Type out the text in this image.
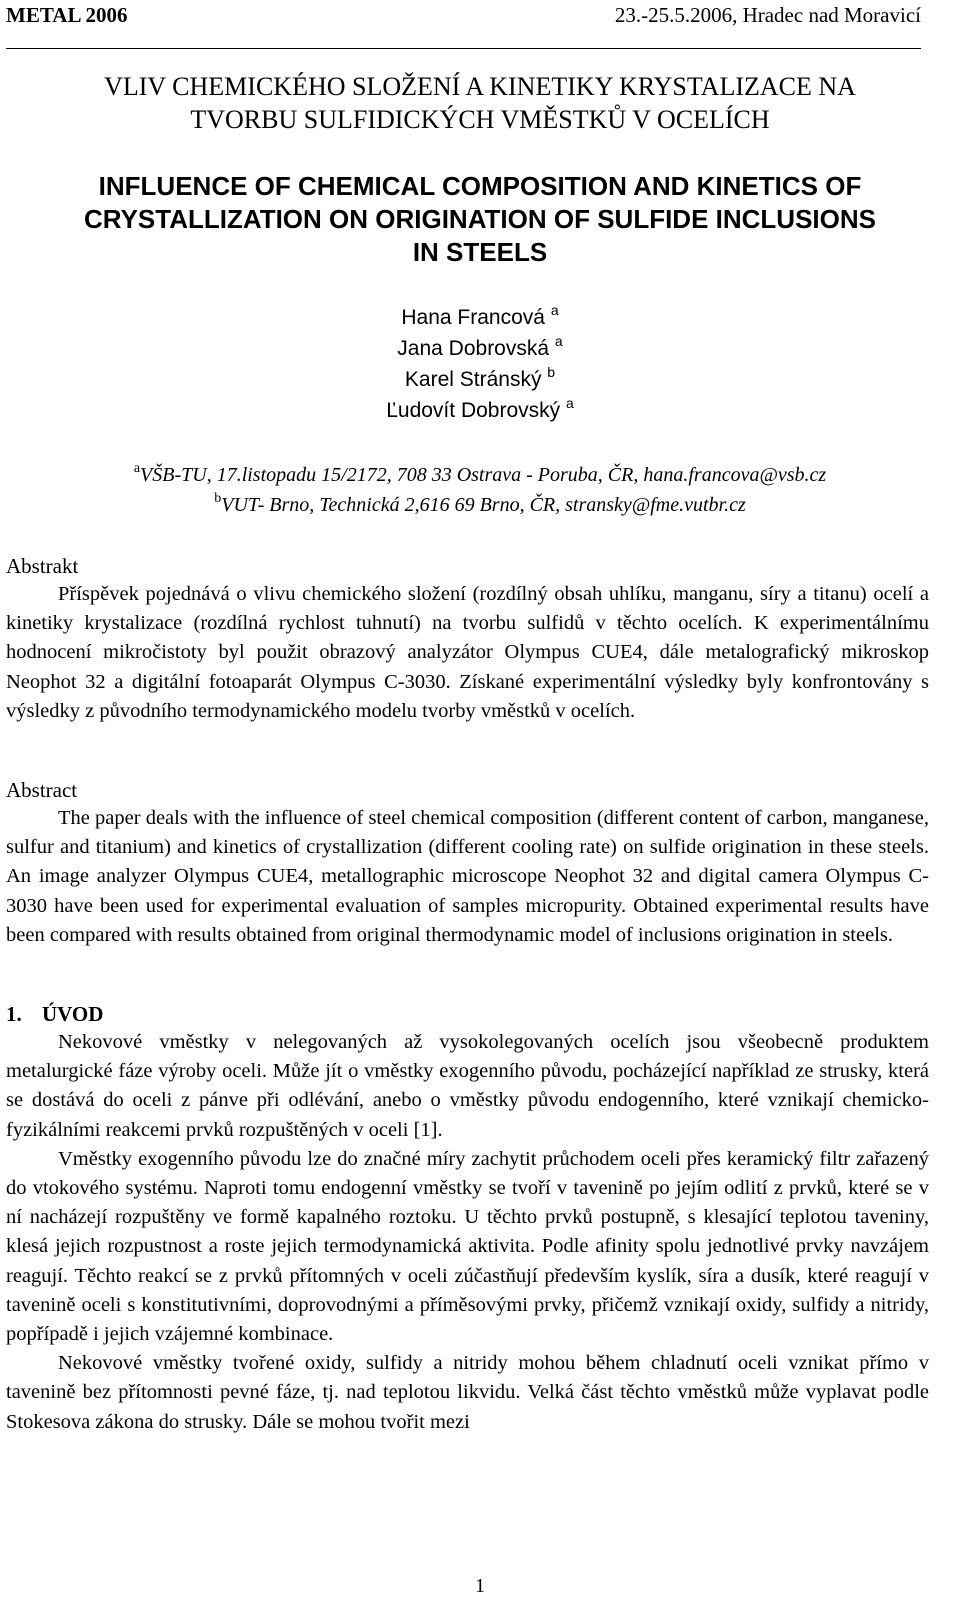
METAL 2006	23.-25.5.2006, Hradec nad Moravicí
VLIV CHEMICKÉHO SLOŽENÍ A KINETIKY KRYSTALIZACE NA
TVORBU SULFIDICKÝCH VMĚSTKŮ V OCELÍCH
INFLUENCE OF CHEMICAL COMPOSITION AND KINETICS OF
CRYSTALLIZATION ON ORIGINATION OF SULFIDE INCLUSIONS
IN STEELS
Hana Francová $^a$
Jana Dobrovská $^a$
Karel Stránský $^b$
Ľudovít Dobrovský $^a$
$^a$VŠB-TU, 17.listopadu 15/2172, 708 33 Ostrava - Poruba, ČR, hana.francova@vsb.cz
$^b$VUT- Brno, Technická 2,616 69 Brno, ČR, stransky@fme.vutbr.cz
Abstrakt

Příspěvek pojednává o vlivu chemického složení (rozdílný obsah uhlíku, manganu, síry a titanu) ocelí a kinetiky krystalizace (rozdílná rychlost tuhnutí) na tvorbu sulfidů v těchto ocelích. K experimentálnímu hodnocení mikročistoty byl použit obrazový analyzátor Olympus CUE4, dále metalografický mikroskop Neophot 32 a digitální fotoaparát Olympus C-3030. Získané experimentální výsledky byly konfrontovány s výsledky z původního termodynamického modelu tvorby vměstků v ocelích.

Abstract

The paper deals with the influence of steel chemical composition (different content of carbon, manganese, sulfur and titanium) and kinetics of crystallization (different cooling rate) on sulfide origination in these steels. An image analyzer Olympus CUE4, metallographic microscope Neophot 32 and digital camera Olympus C-3030 have been used for experimental evaluation of samples micropurity. Obtained experimental results have been compared with results obtained from original thermodynamic model of inclusions origination in steels.

1. ÚVOD

Nekovové vměstky v nelegovaných až vysokolegovaných ocelích jsou všeobecně produktem metalurgické fáze výroby oceli. Může jít o vměstky exogenního původu, pocházející například ze strusky, která se dostává do oceli z pánve při odlévání, anebo o vměstky původu endogenního, které vznikají chemicko-fyzikálními reakcemi prvků rozpuštěných v oceli [1].

Vměstky exogenního původu lze do značné míry zachytit průchodem oceli přes keramický filtr zařazený do vtokového systému. Naproti tomu endogenní vměstky se tvoří v tavenině po jejím odlití z prvků, které se v ní nacházejí rozpuštěny ve formě kapalného roztoku. U těchto prvků postupně, s klesající teplotou taveniny, klesá jejich rozpustnost a roste jejich termodynamická aktivita. Podle afinity spolu jednotlivé prvky navzájem reagují. Těchto reakcí se z prvků přítomných v oceli zúčastňují především kyslík, síra a dusík, které reagují v tavenině oceli s konstitutivními, doprovodnými a příměsovými prvky, přičemž vznikají oxidy, sulfidy a nitridy, popřípadě i jejich vzájemné kombinace.

Nekovové vměstky tvořené oxidy, sulfidy a nitridy mohou během chladnutí oceli vznikat přímo v tavenině bez přítomnosti pevné fáze, tj. nad teplotou likvidu. Velká část těchto vměstků může vyplavat podle Stokesova zákona do strusky. Dále se mohou tvořit mezi

1
